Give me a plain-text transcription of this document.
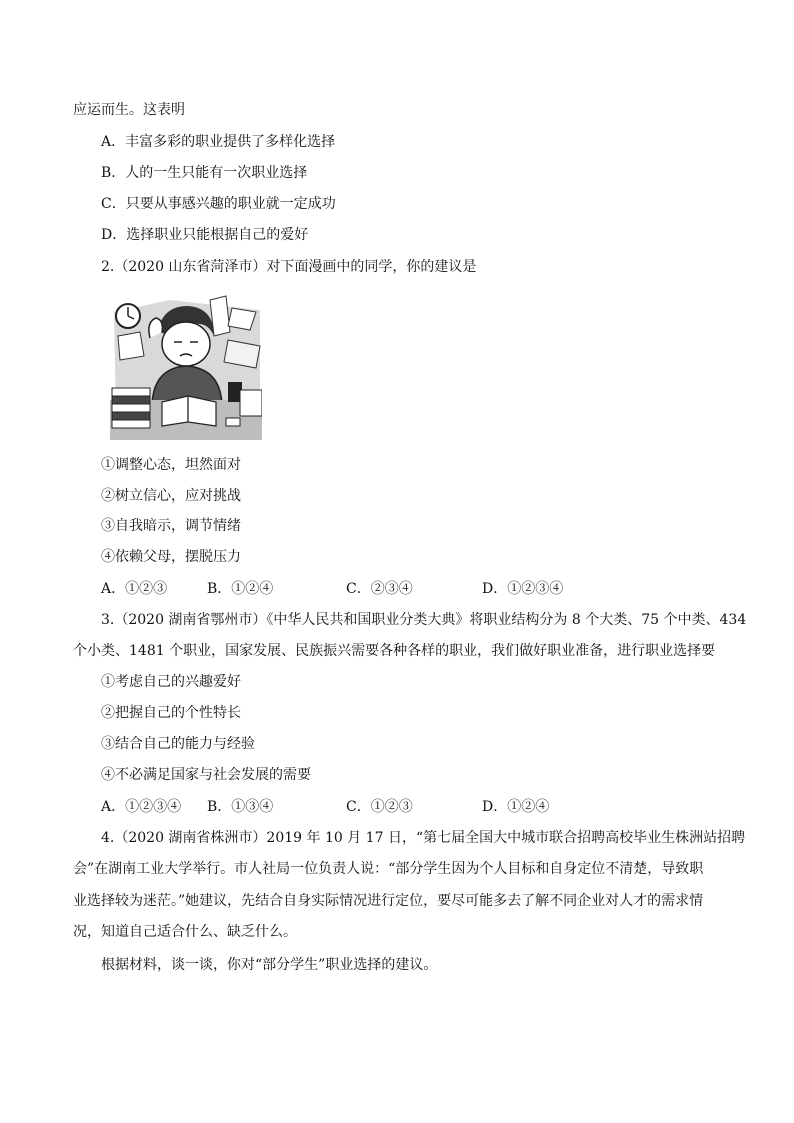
应运而生。这表明
A．丰富多彩的职业提供了多样化选择
B．人的一生只能有一次职业选择
C．只要从事感兴趣的职业就一定成功
D．选择职业只能根据自己的爱好
2.（2020 山东省菏泽市）对下面漫画中的同学，你的建议是
①调整心态，坦然面对
②树立信心，应对挑战
③自我暗示，调节情绪
④依赖父母，摆脱压力
A．①②③	B．①②④	C．②③④	D．①②③④
3.（2020 湖南省鄂州市）《中华人民共和国职业分类大典》将职业结构分为 8 个大类、75 个中类、434
个小类、1481 个职业，国家发展、民族振兴需要各种各样的职业，我们做好职业准备，进行职业选择要
①考虑自己的兴趣爱好
②把握自己的个性特长
③结合自己的能力与经验
④不必满足国家与社会发展的需要
A．①②③④ B．①③④	C．①②③	D．①②④
4.（2020 湖南省株洲市）2019 年 10 月 17 日，“第七届全国大中城市联合招聘高校毕业生株洲站招聘
会”在湖南工业大学举行。市人社局一位负责人说：“部分学生因为个人目标和自身定位不清楚，导致职
业选择较为迷茫。”她建议，先结合自身实际情况进行定位，要尽可能多去了解不同企业对人才的需求情
况，知道自己适合什么、缺乏什么。
根据材料，谈一谈，你对“部分学生”职业选择的建议。
